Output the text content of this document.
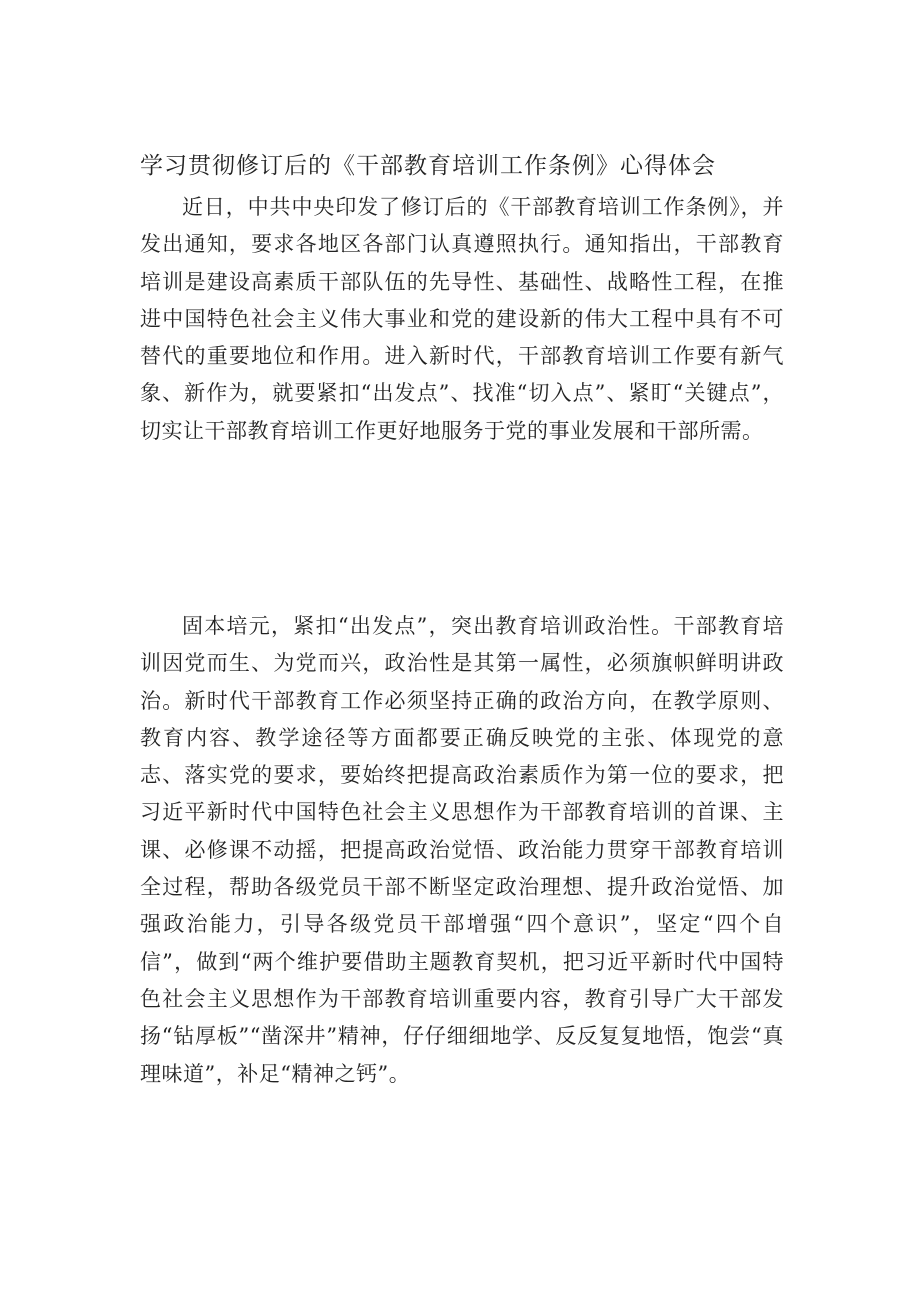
学习贯彻修订后的《干部教育培训工作条例》心得体会

近日，中共中央印发了修订后的《干部教育培训工作条例》，并发出通知，要求各地区各部门认真遵照执行。通知指出，干部教育培训是建设高素质干部队伍的先导性、基础性、战略性工程，在推进中国特色社会主义伟大事业和党的建设新的伟大工程中具有不可替代的重要地位和作用。进入新时代，干部教育培训工作要有新气象、新作为，就要紧扣“出发点”、找准“切入点”、紧盯“关键点”，切实让干部教育培训工作更好地服务于党的事业发展和干部所需。

固本培元，紧扣“出发点”，突出教育培训政治性。干部教育培训因党而生、为党而兴，政治性是其第一属性，必须旗帜鲜明讲政治。新时代干部教育工作必须坚持正确的政治方向，在教学原则、教育内容、教学途径等方面都要正确反映党的主张、体现党的意志、落实党的要求，要始终把提高政治素质作为第一位的要求，把习近平新时代中国特色社会主义思想作为干部教育培训的首课、主课、必修课不动摇，把提高政治觉悟、政治能力贯穿干部教育培训全过程，帮助各级党员干部不断坚定政治理想、提升政治觉悟、加强政治能力，引导各级党员干部增强“四个意识”，坚定“四个自信”，做到“两个维护要借助主题教育契机，把习近平新时代中国特色社会主义思想作为干部教育培训重要内容，教育引导广大干部发扬“钻厚板”“凿深井”精神，仔仔细细地学、反反复复地悟，饱尝“真理味道”，补足“精神之钙”。
